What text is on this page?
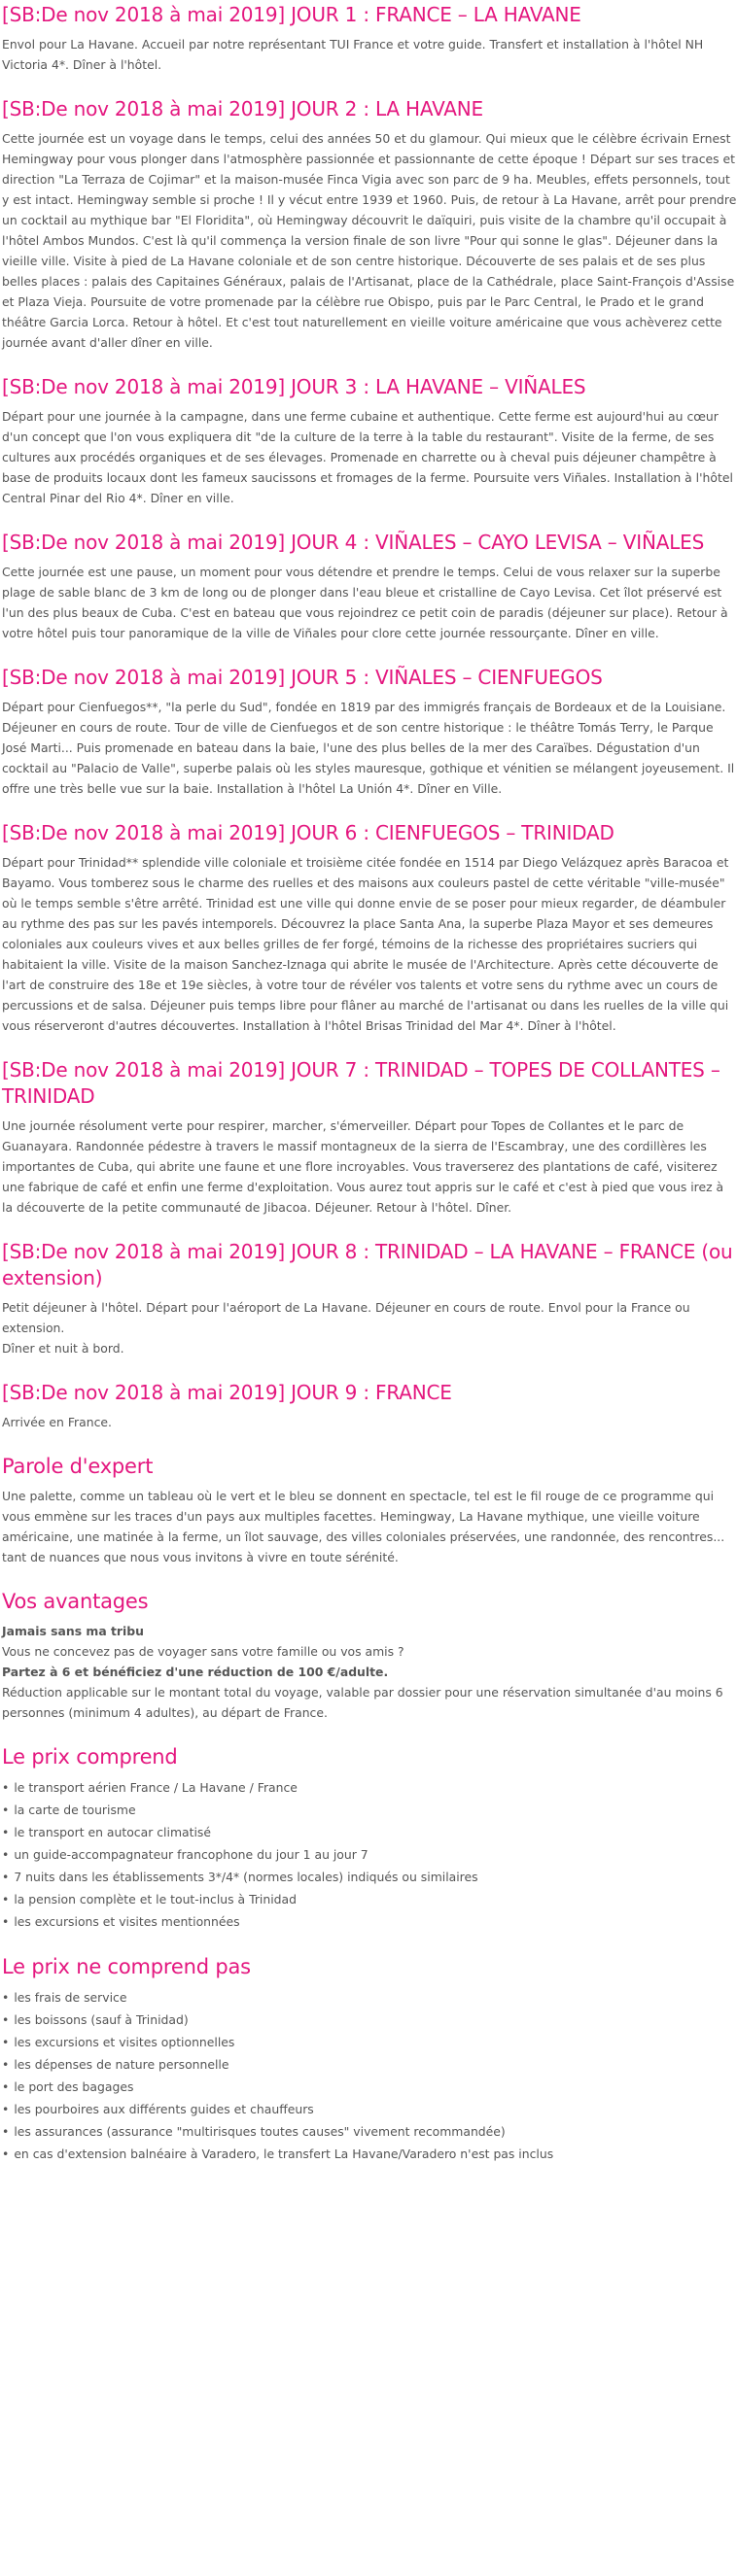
[SB:De nov 2018 à mai 2019] JOUR 1 : FRANCE – LA HAVANE

Envol pour La Havane. Accueil par notre représentant TUI France et votre guide. Transfert et installation à l'hôtel NH Victoria 4*. Dîner à l'hôtel.

[SB:De nov 2018 à mai 2019] JOUR 2 : LA HAVANE

Cette journée est un voyage dans le temps, celui des années 50 et du glamour. Qui mieux que le célèbre écrivain Ernest Hemingway pour vous plonger dans l'atmosphère passionnée et passionnante de cette époque ! Départ sur ses traces et direction "La Terraza de Cojimar" et la maison-musée Finca Vigia avec son parc de 9 ha. Meubles, effets personnels, tout y est intact. Hemingway semble si proche ! Il y vécut entre 1939 et 1960. Puis, de retour à La Havane, arrêt pour prendre un cocktail au mythique bar "El Floridita", où Hemingway découvrit le daïquiri, puis visite de la chambre qu'il occupait à l'hôtel Ambos Mundos. C'est là qu'il commença la version finale de son livre "Pour qui sonne le glas". Déjeuner dans la vieille ville. Visite à pied de La Havane coloniale et de son centre historique. Découverte de ses palais et de ses plus belles places : palais des Capitaines Généraux, palais de l'Artisanat, place de la Cathédrale, place Saint-François d'Assise et Plaza Vieja. Poursuite de votre promenade par la célèbre rue Obispo, puis par le Parc Central, le Prado et le grand théâtre Garcia Lorca. Retour à hôtel. Et c'est tout naturellement en vieille voiture américaine que vous achèverez cette journée avant d'aller dîner en ville.

[SB:De nov 2018 à mai 2019] JOUR 3 : LA HAVANE – VIÑALES

Départ pour une journée à la campagne, dans une ferme cubaine et authentique. Cette ferme est aujourd'hui au cœur d'un concept que l'on vous expliquera dit "de la culture de la terre à la table du restaurant". Visite de la ferme, de ses cultures aux procédés organiques et de ses élevages. Promenade en charrette ou à cheval puis déjeuner champêtre à base de produits locaux dont les fameux saucissons et fromages de la ferme. Poursuite vers Viñales. Installation à l'hôtel Central Pinar del Rio 4*. Dîner en ville.

[SB:De nov 2018 à mai 2019] JOUR 4 : VIÑALES – CAYO LEVISA – VIÑALES

Cette journée est une pause, un moment pour vous détendre et prendre le temps. Celui de vous relaxer sur la superbe plage de sable blanc de 3 km de long ou de plonger dans l'eau bleue et cristalline de Cayo Levisa. Cet îlot préservé est l'un des plus beaux de Cuba. C'est en bateau que vous rejoindrez ce petit coin de paradis (déjeuner sur place). Retour à votre hôtel puis tour panoramique de la ville de Viñales pour clore cette journée ressourçante. Dîner en ville.

[SB:De nov 2018 à mai 2019] JOUR 5 : VIÑALES – CIENFUEGOS

Départ pour Cienfuegos**, "la perle du Sud", fondée en 1819 par des immigrés français de Bordeaux et de la Louisiane. Déjeuner en cours de route. Tour de ville de Cienfuegos et de son centre historique : le théâtre Tomás Terry, le Parque José Marti... Puis promenade en bateau dans la baie, l'une des plus belles de la mer des Caraïbes. Dégustation d'un cocktail au "Palacio de Valle", superbe palais où les styles mauresque, gothique et vénitien se mélangent joyeusement. Il offre une très belle vue sur la baie. Installation à l'hôtel La Unión 4*. Dîner en Ville.

[SB:De nov 2018 à mai 2019] JOUR 6 : CIENFUEGOS – TRINIDAD

Départ pour Trinidad** splendide ville coloniale et troisième citée fondée en 1514 par Diego Velázquez après Baracoa et Bayamo. Vous tomberez sous le charme des ruelles et des maisons aux couleurs pastel de cette véritable "ville-musée" où le temps semble s'être arrêté. Trinidad est une ville qui donne envie de se poser pour mieux regarder, de déambuler au rythme des pas sur les pavés intemporels. Découvrez la place Santa Ana, la superbe Plaza Mayor et ses demeures coloniales aux couleurs vives et aux belles grilles de fer forgé, témoins de la richesse des propriétaires sucriers qui habitaient la ville. Visite de la maison Sanchez-Iznaga qui abrite le musée de l'Architecture. Après cette découverte de l'art de construire des 18e et 19e siècles, à votre tour de révéler vos talents et votre sens du rythme avec un cours de percussions et de salsa. Déjeuner puis temps libre pour flâner au marché de l'artisanat ou dans les ruelles de la ville qui vous réserveront d'autres découvertes. Installation à l'hôtel Brisas Trinidad del Mar 4*. Dîner à l'hôtel.

[SB:De nov 2018 à mai 2019] JOUR 7 : TRINIDAD – TOPES DE COLLANTES – TRINIDAD

Une journée résolument verte pour respirer, marcher, s'émerveiller. Départ pour Topes de Collantes et le parc de Guanayara. Randonnée pédestre à travers le massif montagneux de la sierra de l'Escambray, une des cordillères les importantes de Cuba, qui abrite une faune et une flore incroyables. Vous traverserez des plantations de café, visiterez une fabrique de café et enfin une ferme d'exploitation. Vous aurez tout appris sur le café et c'est à pied que vous irez à la découverte de la petite communauté de Jibacoa. Déjeuner. Retour à l'hôtel. Dîner.

[SB:De nov 2018 à mai 2019] JOUR 8 : TRINIDAD – LA HAVANE – FRANCE (ou extension)

Petit déjeuner à l'hôtel. Départ pour l'aéroport de La Havane. Déjeuner en cours de route. Envol pour la France ou extension.

Dîner et nuit à bord.

[SB:De nov 2018 à mai 2019] JOUR 9 : FRANCE

Arrivée en France.

Parole d'expert

Une palette, comme un tableau où le vert et le bleu se donnent en spectacle, tel est le fil rouge de ce programme qui vous emmène sur les traces d'un pays aux multiples facettes. Hemingway, La Havane mythique, une vieille voiture américaine, une matinée à la ferme, un îlot sauvage, des villes coloniales préservées, une randonnée, des rencontres... tant de nuances que nous vous invitons à vivre en toute sérénité.

Vos avantages

Jamais sans ma tribu

Vous ne concevez pas de voyager sans votre famille ou vos amis ?

Partez à 6 et bénéficiez d'une réduction de 100 €/adulte.

Réduction applicable sur le montant total du voyage, valable par dossier pour une réservation simultanée d'au moins 6 personnes (minimum 4 adultes), au départ de France.

Le prix comprend
• le transport aérien France / La Havane / France
• la carte de tourisme
• le transport en autocar climatisé
• un guide-accompagnateur francophone du jour 1 au jour 7
• 7 nuits dans les établissements 3*/4* (normes locales) indiqués ou similaires
• la pension complète et le tout-inclus à Trinidad
• les excursions et visites mentionnées
Le prix ne comprend pas
• les frais de service
• les boissons (sauf à Trinidad)
• les excursions et visites optionnelles
• les dépenses de nature personnelle
• le port des bagages
• les pourboires aux différents guides et chauffeurs
• les assurances (assurance "multirisques toutes causes" vivement recommandée)
• en cas d'extension balnéaire à Varadero, le transfert La Havane/Varadero n'est pas inclus
